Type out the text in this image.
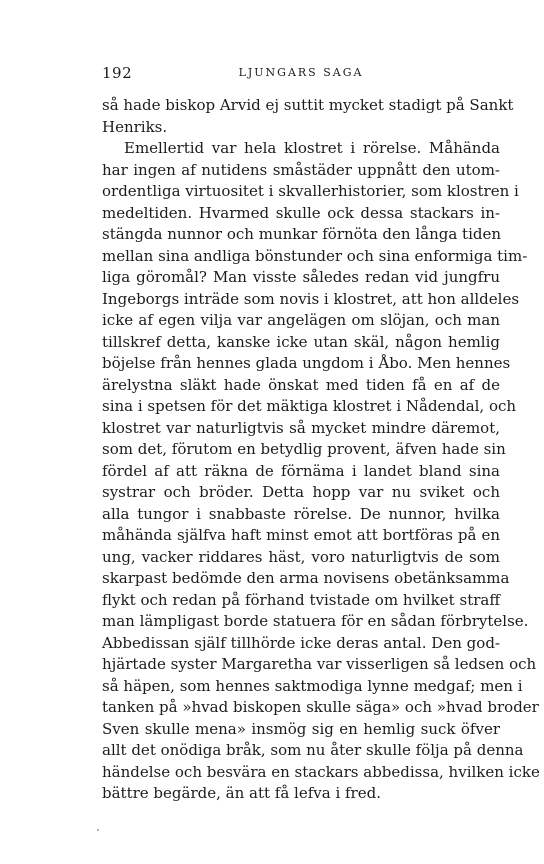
192	LJUNGARS SAGA
så hade biskop Arvid ej suttit mycket stadigt på Sankt
Henriks.
Emellertid var hela klostret i rörelse. Måhända
har ingen af nutidens småstäder uppnått den utom-
ordentliga virtuositet i skvallerhistorier, som klostren i
medeltiden. Hvarmed skulle ock dessa stackars in-
stängda nunnor och munkar förnöta den långa tiden
mellan sina andliga bönstunder och sina enformiga tim-
liga göromål? Man visste således redan vid jungfru
Ingeborgs inträde som novis i klostret, att hon alldeles
icke af egen vilja var angelägen om slöjan, och man
tillskref detta, kanske icke utan skäl, någon hemlig
böjelse från hennes glada ungdom i Åbo. Men hennes
ärelystna släkt hade önskat med tiden få en af de
sina i spetsen för det mäktiga klostret i Nådendal, och
klostret var naturligtvis så mycket mindre däremot,
som det, förutom en betydlig provent, äfven hade sin
fördel af att räkna de förnäma i landet bland sina
systrar och bröder. Detta hopp var nu sviket och
alla tungor i snabbaste rörelse. De nunnor, hvilka
måhända själfva haft minst emot att bortföras på en
ung, vacker riddares häst, voro naturligtvis de som
skarpast bedömde den arma novisens obetänksamma
flykt och redan på förhand tvistade om hvilket straff
man lämpligast borde statuera för en sådan förbrytelse.
Abbedissan själf tillhörde icke deras antal. Den god-
hjärtade syster Margaretha var visserligen så ledsen och
så häpen, som hennes saktmodiga lynne medgaf; men i
tanken på »hvad biskopen skulle säga» och »hvad broder
Sven skulle mena» insmög sig en hemlig suck öfver
allt det onödiga bråk, som nu åter skulle följa på denna
händelse och besvära en stackars abbedissa, hvilken icke
bättre begärde, än att få lefva i fred.
